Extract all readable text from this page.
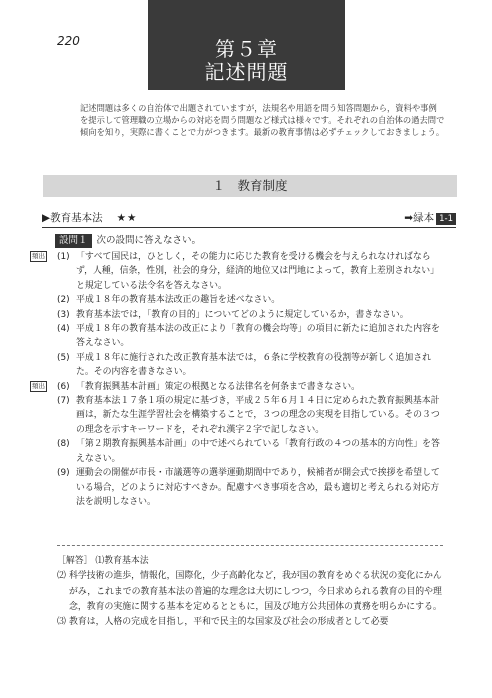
220	第５章
記述問題
記述問題は多くの自治体で出題されていますが，法規名や用語を問う知答問題から，資料や事例を提示して管理職の立場からの対応を問う問題など様式は様々です。それぞれの自治体の過去問で傾向を知り，実際に書くことで力がつきます。最新の教育事情は必ずチェックしておきましょう。
１　教育制度
▶教育基本法 ★★	➡緑本 1-1
設問１ 次の設問に答えなさい。
頻出 (1) 「すべて国民は，ひとしく，その能力に応じた教育を受ける機会を与えられなければならず，人種，信条，性別，社会的身分，経済的地位又は門地によって，教育上差別されない」と規定している法令名を答えなさい。
(2) 平成１８年の教育基本法改正の趣旨を述べなさい。
(3) 教育基本法では，「教育の目的」についてどのように規定しているか，書きなさい。
(4) 平成１８年の教育基本法の改正により「教育の機会均等」の項目に新たに追加された内容を答えなさい。
(5) 平成１８年に施行された改正教育基本法では，６条に学校教育の役割等が新しく追加された。その内容を書きなさい。
頻出 (6) 「教育振興基本計画」策定の根拠となる法律名を何条まで書きなさい。
(7) 教育基本法１７条１項の規定に基づき，平成２５年６月１４日に定められた教育振興基本計画は，新たな生涯学習社会を構築することで，３つの理念の実現を目指している。その３つの理念を示すキーワードを，それぞれ漢字２字で記しなさい。
(8) 「第２期教育振興基本計画」の中で述べられている「教育行政の４つの基本的方向性」を答えなさい。
(9) 運動会の開催が市長・市議選等の選挙運動期間中であり，候補者が開会式で挨拶を希望している場合，どのように対応すべきか。配慮すべき事項を含め，最も適切と考えられる対応方法を説明しなさい。
［解答］ ⑴教育基本法
⑵ 科学技術の進歩，情報化，国際化，少子高齢化など，我が国の教育をめぐる状況の変化にかんがみ，これまでの教育基本法の普遍的な理念は大切にしつつ，今日求められる教育の目的や理念，教育の実施に関する基本を定めるとともに，国及び地方公共団体の責務を明らかにする。
⑶ 教育は，人格の完成を目指し，平和で民主的な国家及び社会の形成者として必要
